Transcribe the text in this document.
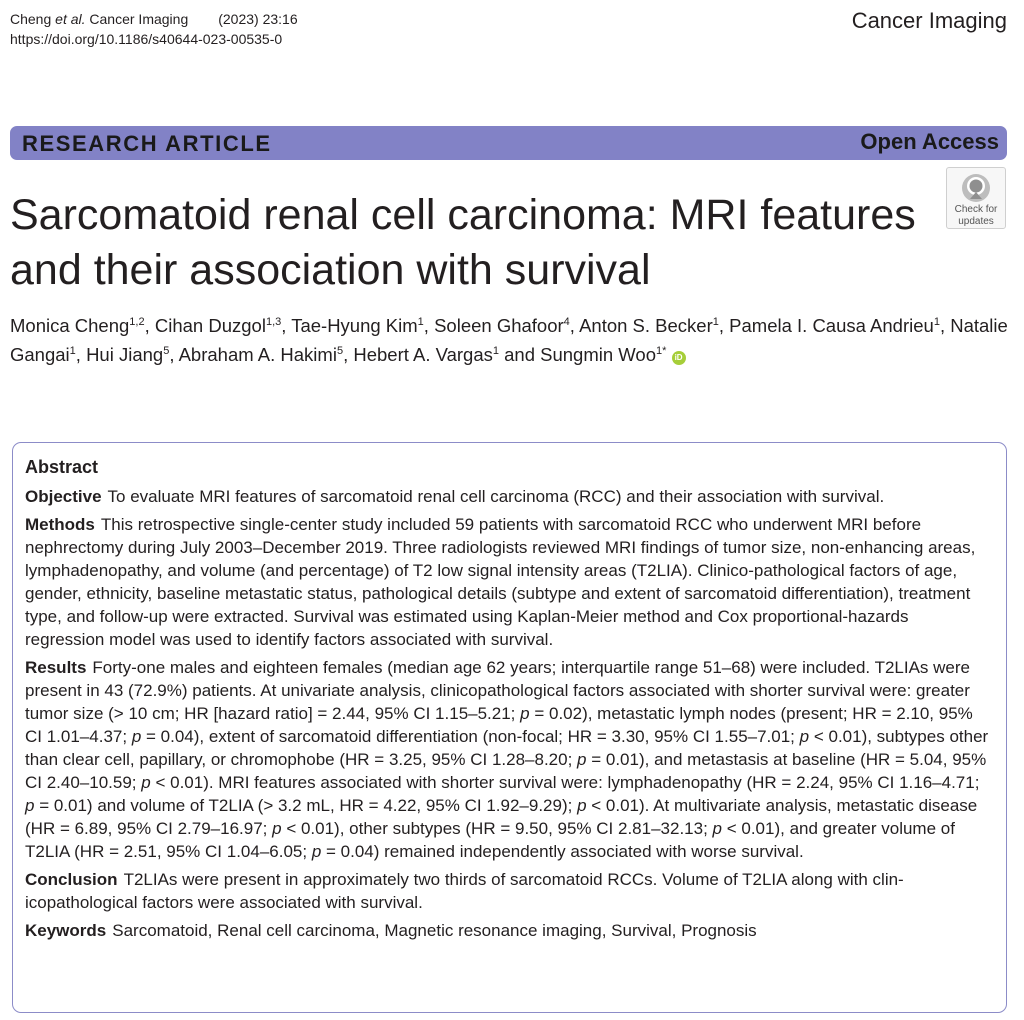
Cheng et al. Cancer Imaging (2023) 23:16
https://doi.org/10.1186/s40644-023-00535-0
Cancer Imaging
RESEARCH ARTICLE	Open Access
Check for
updates
Sarcomatoid renal cell carcinoma: MRI features and their association with survival
Monica Cheng$^{1,2}$, Cihan Duzgol$^{1,3}$, Tae-Hyung Kim$^1$, Soleen Ghafoor$^4$, Anton S. Becker$^1$, Pamela I. Causa Andrieu$^1$, Natalie Gangai$^1$, Hui Jiang$^5$, Abraham A. Hakimi$^5$, Hebert A. Vargas$^1$ and Sungmin Woo$^{1*}$ iD
Abstract

Objective To evaluate MRI features of sarcomatoid renal cell carcinoma (RCC) and their association with survival.

Methods This retrospective single-center study included 59 patients with sarcomatoid RCC who underwent MRI before nephrectomy during July 2003–December 2019. Three radiologists reviewed MRI findings of tumor size, non-enhancing areas, lymphadenopathy, and volume (and percentage) of T2 low signal intensity areas (T2LIA). Clinico-pathological factors of age, gender, ethnicity, baseline metastatic status, pathological details (subtype and extent of sarcomatoid differentiation), treatment type, and follow-up were extracted. Survival was estimated using Kaplan-Meier method and Cox proportional-hazards regression model was used to identify factors associated with survival.

Results Forty-one males and eighteen females (median age 62 years; interquartile range 51–68) were included. T2LIAs were present in 43 (72.9%) patients. At univariate analysis, clinicopathological factors associated with shorter survival were: greater tumor size (> 10 cm; HR [hazard ratio] = 2.44, 95% CI 1.15–5.21; p = 0.02), metastatic lymph nodes (present; HR = 2.10, 95% CI 1.01–4.37; p = 0.04), extent of sarcomatoid differentiation (non-focal; HR = 3.30, 95% CI 1.55–7.01; p < 0.01), subtypes other than clear cell, papillary, or chromophobe (HR = 3.25, 95% CI 1.28–8.20; p = 0.01), and metastasis at baseline (HR = 5.04, 95% CI 2.40–10.59; p < 0.01). MRI features associated with shorter survival were: lymphadenopathy (HR = 2.24, 95% CI 1.16–4.71; p = 0.01) and volume of T2LIA (> 3.2 mL, HR = 4.22, 95% CI 1.92–9.29); p < 0.01). At multivariate analysis, metastatic disease (HR = 6.89, 95% CI 2.79–16.97; p < 0.01), other subtypes (HR = 9.50, 95% CI 2.81–32.13; p < 0.01), and greater volume of T2LIA (HR = 2.51, 95% CI 1.04–6.05; p = 0.04) remained independently associated with worse survival.

Conclusion T2LIAs were present in approximately two thirds of sarcomatoid RCCs. Volume of T2LIA along with clin-icopathological factors were associated with survival.

Keywords Sarcomatoid, Renal cell carcinoma, Magnetic resonance imaging, Survival, Prognosis
